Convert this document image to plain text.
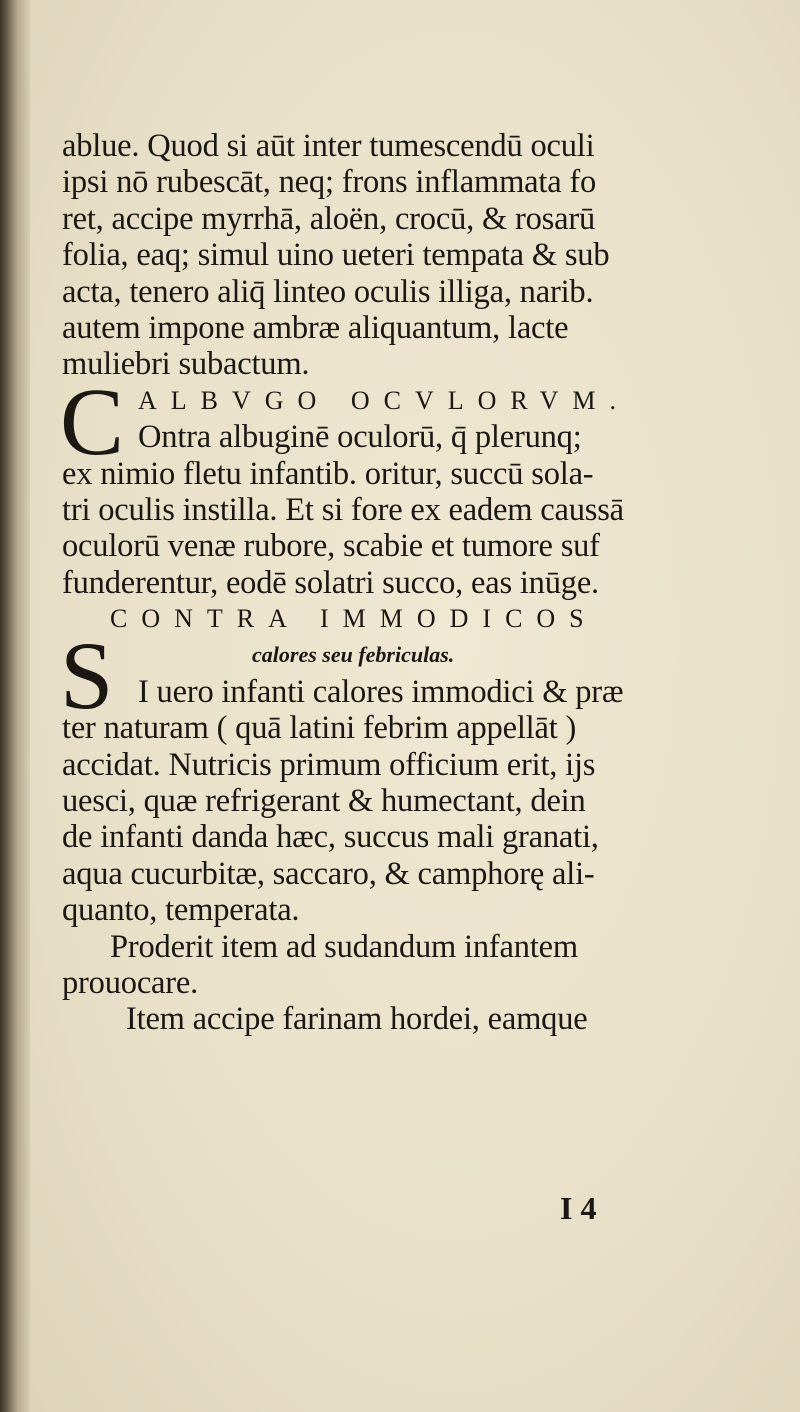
ablue. Quod si aūt inter tumescendū oculi
ipsi nō rubescāt, neq; frons inflammata fo
ret, accipe myrrhā, aloën, crocū, & rosarū
folia, eaq; simul uino ueteri tempata & sub
acta, tenero aliq̄ linteo oculis illiga, narib.
autem impone ambræ aliquantum, lacte
muliebri subactum.
C ALBVGO OCVLORVM.
Ontra albuginē oculorū, q̄ plerunq;
ex nimio fletu infantib. oritur, succū sola-
tri oculis instilla. Et si fore ex eadem caussā
oculorū venæ rubore, scabie et tumore suf
funderentur, eodē solatri succo, eas inūge.
CONTRA IMMODICOS
S	calores seu febriculas.
I uero infanti calores immodici & præ
ter naturam ( quā latini febrim appellāt )
accidat. Nutricis primum officium erit, ijs
uesci, quæ refrigerant & humectant, dein
de infanti danda hæc, succus mali granati,
aqua cucurbitæ, saccaro, & camphorę ali-
quanto, temperata.
Proderit item ad sudandum infantem
prouocare.
Item accipe farinam hordei, eamque
I 4
